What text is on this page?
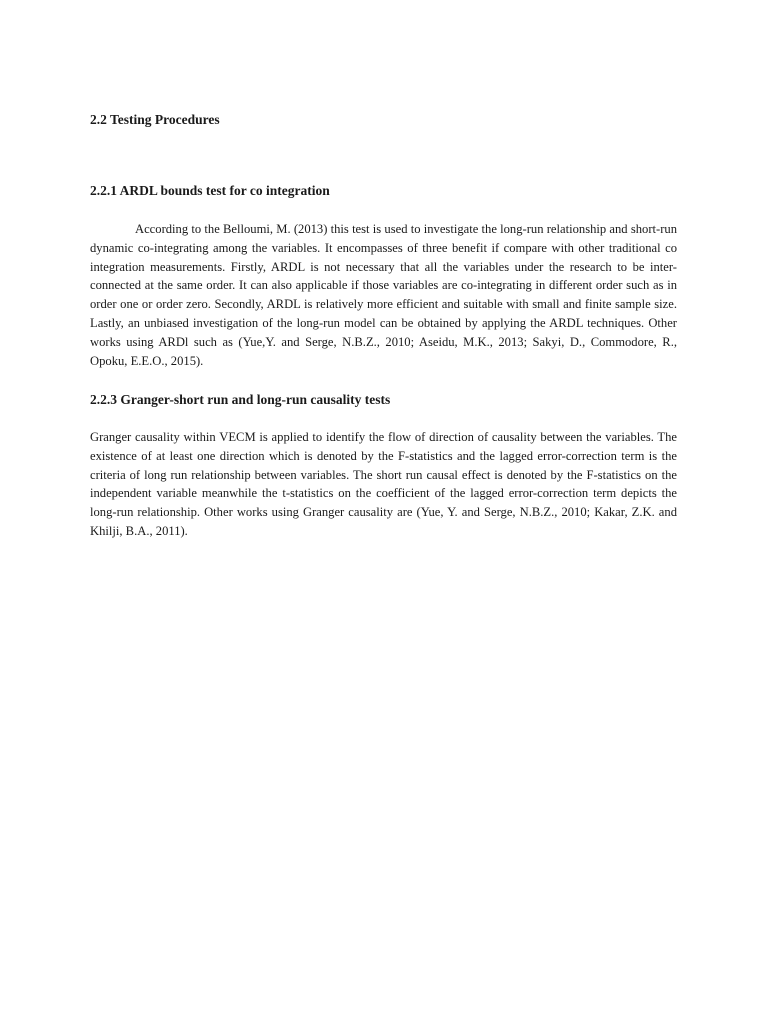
2.2 Testing Procedures
2.2.1 ARDL bounds test for co integration

According to the Belloumi, M. (2013) this test is used to investigate the long-run relationship and short-run dynamic co-integrating among the variables. It encompasses of three benefit if compare with other traditional co integration measurements. Firstly, ARDL is not necessary that all the variables under the research to be inter-connected at the same order. It can also applicable if those variables are co-integrating in different order such as in order one or order zero. Secondly, ARDL is relatively more efficient and suitable with small and finite sample size. Lastly, an unbiased investigation of the long-run model can be obtained by applying the ARDL techniques. Other works using ARDl such as (Yue,Y. and Serge, N.B.Z., 2010; Aseidu, M.K., 2013; Sakyi, D., Commodore, R., Opoku, E.E.O., 2015).

2.2.3 Granger-short run and long-run causality tests

Granger causality within VECM is applied to identify the flow of direction of causality between the variables. The existence of at least one direction which is denoted by the F-statistics and the lagged error-correction term is the criteria of long run relationship between variables. The short run causal effect is denoted by the F-statistics on the independent variable meanwhile the t-statistics on the coefficient of the lagged error-correction term depicts the long-run relationship. Other works using Granger causality are (Yue, Y. and Serge, N.B.Z., 2010; Kakar, Z.K. and Khilji, B.A., 2011).
